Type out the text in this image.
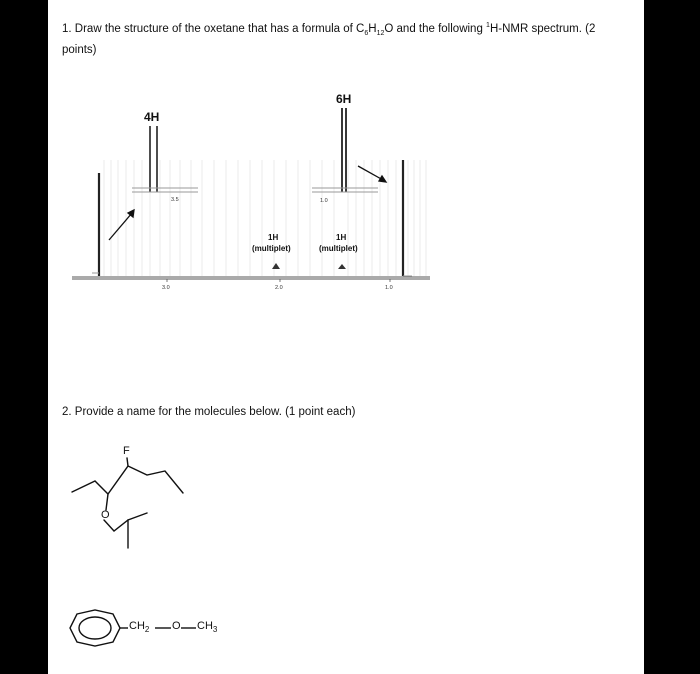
1. Draw the structure of the oxetane that has a formula of $C_6H_{12}O$ and the following $^1$H-NMR spectrum. (2 points)
4H
6H
3.5	1.0
1H
(multiplet)
1H
(multiplet)
3.0	2.0	1.0
2. Provide a name for the molecules below. (1 point each)
F
O
$CH_2$ O $CH_3$
